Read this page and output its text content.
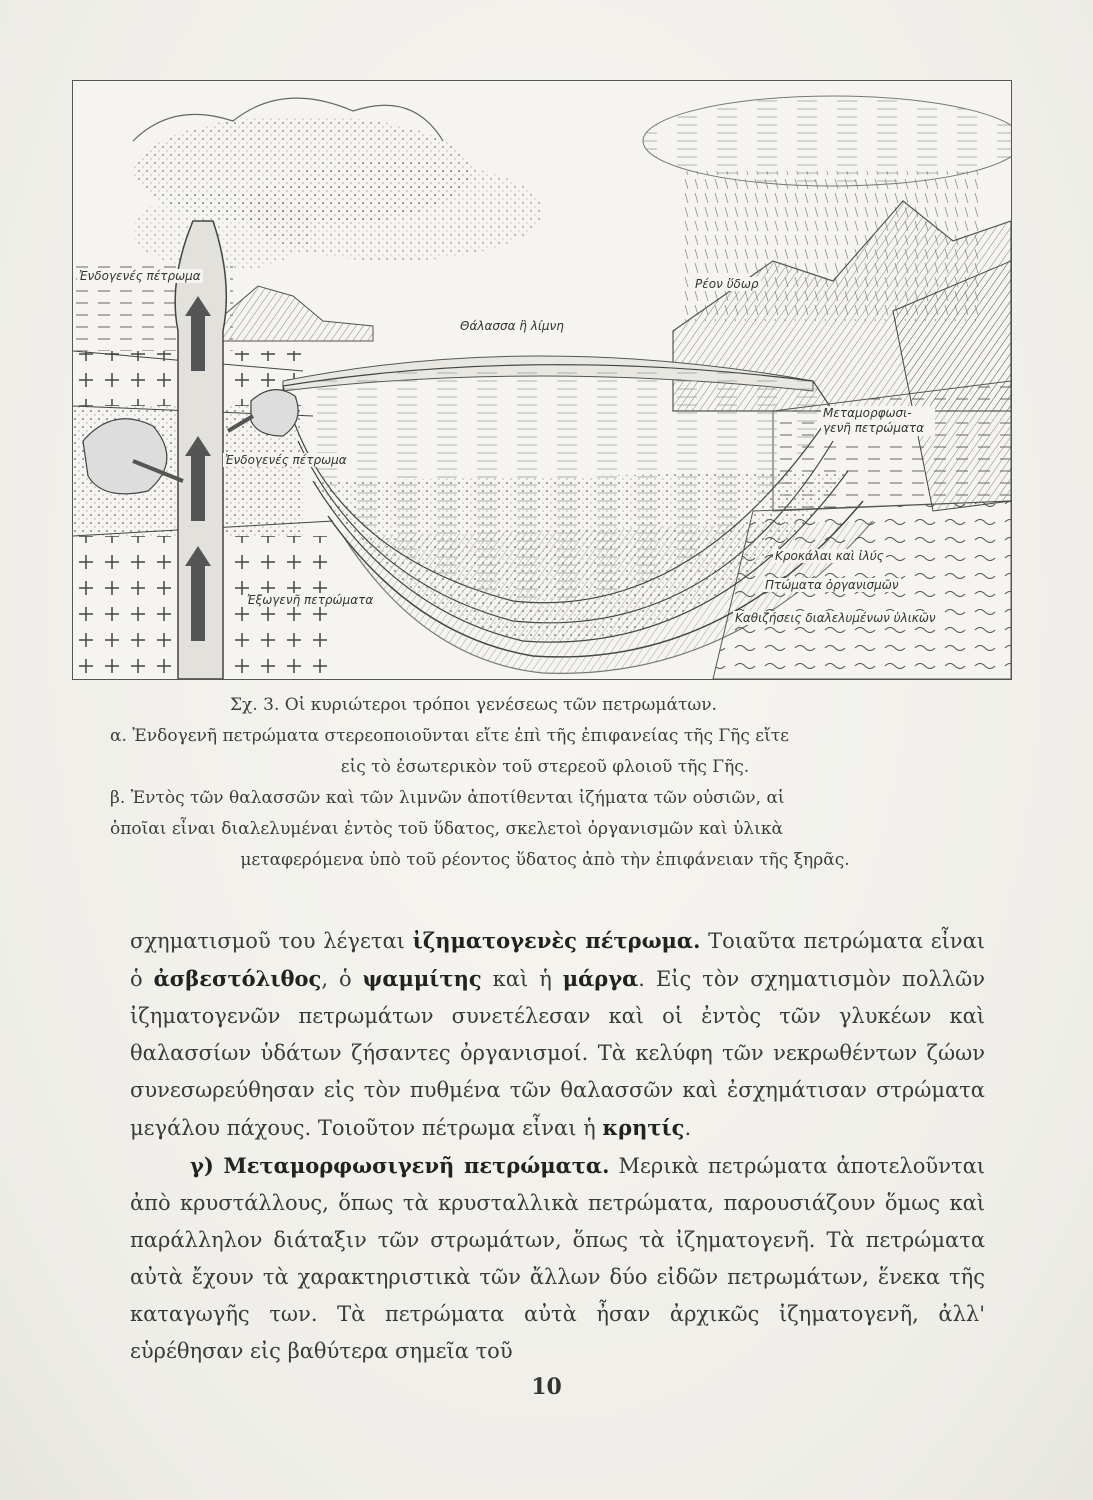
Ἐνδογενές πέτρωμα
Ἐνδογενές πέτρωμα
Ἐξωγενῆ πετρώματα
Θάλασσα ἢ λίμνη
Ρέον ὕδωρ
Μεταμορφωσι-γενῆ πετρώματα
Κροκάλαι καὶ ἰλύς
Πτώματα ὀργανισμῶν
Καθιζήσεις διαλελυμένων ὑλικῶν

Σχ. 3. Οἱ κυριώτεροι τρόποι γενέσεως τῶν πετρωμάτων.

α. Ἐνδογενῆ πετρώματα στερεοποιοῦνται εἴτε ἐπὶ τῆς ἐπιφανείας τῆς Γῆς εἴτε

εἰς τὸ ἐσωτερικὸν τοῦ στερεοῦ φλοιοῦ τῆς Γῆς.

β. Ἐντὸς τῶν θαλασσῶν καὶ τῶν λιμνῶν ἀποτίθενται ἰζήματα τῶν οὐσιῶν, αἱ

ὁποῖαι εἶναι διαλελυμέναι ἐντὸς τοῦ ὕδατος, σκελετοὶ ὀργανισμῶν καὶ ὑλικὰ

μεταφερόμενα ὑπὸ τοῦ ρέοντος ὕδατος ἀπὸ τὴν ἐπιφάνειαν τῆς ξηρᾶς.

σχηματισμοῦ του λέγεται ἰζηματογενὲς πέτρωμα. Τοιαῦτα πετρώματα εἶναι ὁ ἀσβεστόλιθος, ὁ ψαμμίτης καὶ ἡ μάργα. Εἰς τὸν σχηματισμὸν πολλῶν ἰζηματογενῶν πετρωμάτων συνετέλεσαν καὶ οἱ ἐντὸς τῶν γλυκέων καὶ θαλασσίων ὑδάτων ζήσαντες ὀργανισμοί. Τὰ κελύφη τῶν νεκρωθέντων ζώων συνεσωρεύθησαν εἰς τὸν πυθμένα τῶν θαλασσῶν καὶ ἐσχημάτισαν στρώματα μεγάλου πάχους. Τοιοῦτον πέτρωμα εἶναι ἡ κρητίς.

γ) Μεταμορφωσιγενῆ πετρώματα. Μερικὰ πετρώματα ἀποτελοῦνται ἀπὸ κρυστάλλους, ὅπως τὰ κρυσταλλικὰ πετρώματα, παρουσιάζουν ὅμως καὶ παράλληλον διάταξιν τῶν στρωμάτων, ὅπως τὰ ἰζηματογενῆ. Τὰ πετρώματα αὐτὰ ἔχουν τὰ χαρακτηριστικὰ τῶν ἄλλων δύο εἰδῶν πετρωμάτων, ἕνεκα τῆς καταγωγῆς των. Τὰ πετρώματα αὐτὰ ἦσαν ἀρχικῶς ἰζηματογενῆ, ἀλλ' εὑρέθησαν εἰς βαθύτερα σημεῖα τοῦ

10
